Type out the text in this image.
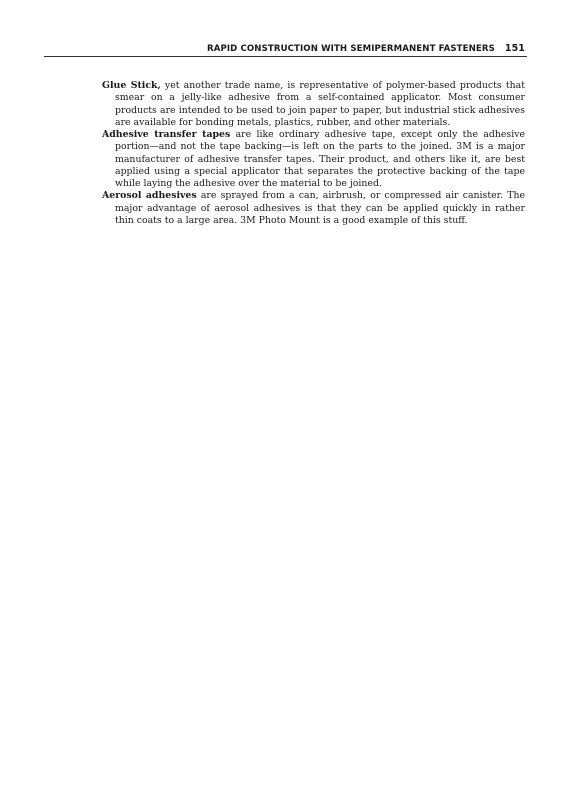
RAPID CONSTRUCTION WITH SEMIPERMANENT FASTENERS 151

Glue Stick, yet another trade name, is representative of polymer-based products that smear on a jelly-like adhesive from a self-contained applicator. Most consumer products are intended to be used to join paper to paper, but industrial stick adhesives are available for bonding metals, plastics, rubber, and other materials.

Adhesive transfer tapes are like ordinary adhesive tape, except only the adhesive portion—and not the tape backing—is left on the parts to the joined. 3M is a major manufacturer of adhesive transfer tapes. Their product, and others like it, are best applied using a special applicator that separates the protective backing of the tape while laying the adhesive over the material to be joined.

Aerosol adhesives are sprayed from a can, airbrush, or compressed air canister. The major advantage of aerosol adhesives is that they can be applied quickly in rather thin coats to a large area. 3M Photo Mount is a good example of this stuff.
